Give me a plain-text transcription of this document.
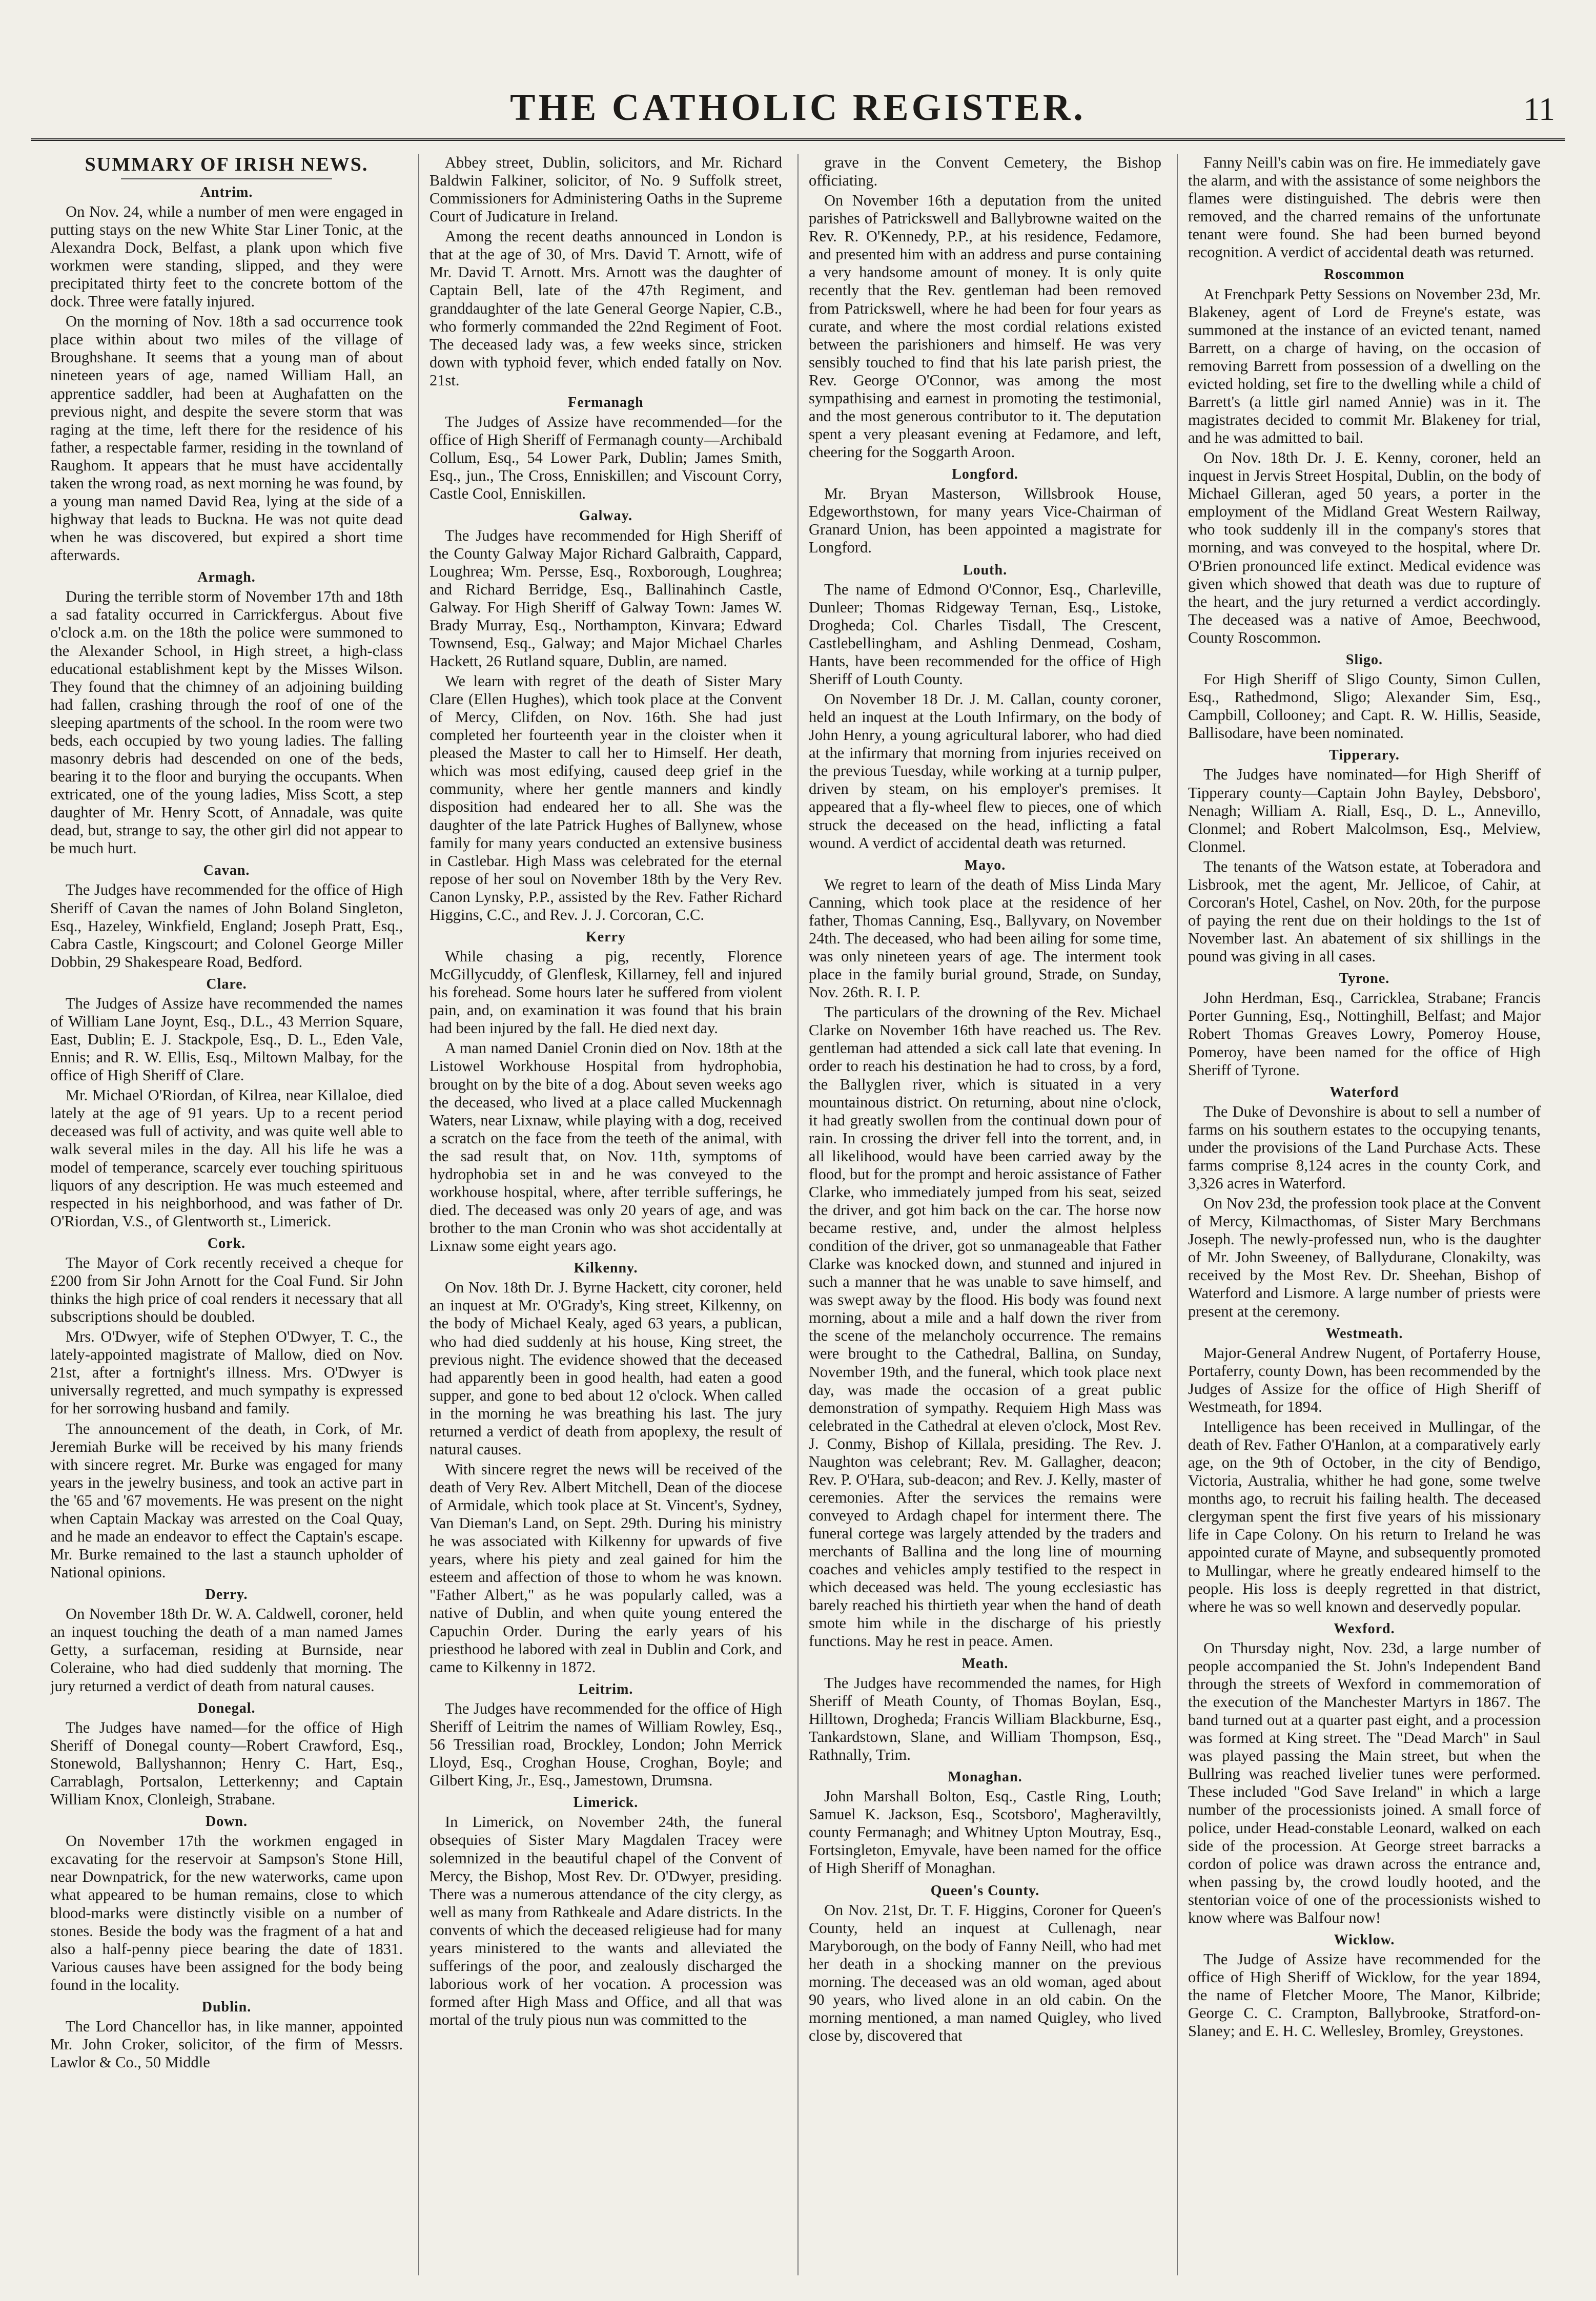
THE CATHOLIC REGISTER.	11
SUMMARY OF IRISH NEWS.
Antrim.

On Nov. 24, while a number of men were engaged in putting stays on the new White Star Liner Tonic, at the Alexandra Dock, Belfast, a plank upon which five workmen were standing, slipped, and they were precipitated thirty feet to the concrete bottom of the dock. Three were fatally injured.

On the morning of Nov. 18th a sad occurrence took place within about two miles of the village of Broughshane. It seems that a young man of about nineteen years of age, named William Hall, an apprentice saddler, had been at Aughafatten on the previous night, and despite the severe storm that was raging at the time, left there for the residence of his father, a respectable farmer, residing in the townland of Raughom. It appears that he must have accidentally taken the wrong road, as next morning he was found, by a young man named David Rea, lying at the side of a highway that leads to Buckna. He was not quite dead when he was discovered, but expired a short time afterwards.

Armagh.

During the terrible storm of November 17th and 18th a sad fatality occurred in Carrickfergus. About five o'clock a.m. on the 18th the police were summoned to the Alexander School, in High street, a high-class educational establishment kept by the Misses Wilson. They found that the chimney of an adjoining building had fallen, crashing through the roof of one of the sleeping apartments of the school. In the room were two beds, each occupied by two young ladies. The falling masonry debris had descended on one of the beds, bearing it to the floor and burying the occupants. When extricated, one of the young ladies, Miss Scott, a step daughter of Mr. Henry Scott, of Annadale, was quite dead, but, strange to say, the other girl did not appear to be much hurt.

Cavan.

The Judges have recommended for the office of High Sheriff of Cavan the names of John Boland Singleton, Esq., Hazeley, Winkfield, England; Joseph Pratt, Esq., Cabra Castle, Kingscourt; and Colonel George Miller Dobbin, 29 Shakespeare Road, Bedford.

Clare.

The Judges of Assize have recommended the names of William Lane Joynt, Esq., D.L., 43 Merrion Square, East, Dublin; E. J. Stackpole, Esq., D. L., Eden Vale, Ennis; and R. W. Ellis, Esq., Miltown Malbay, for the office of High Sheriff of Clare.

Mr. Michael O'Riordan, of Kilrea, near Killaloe, died lately at the age of 91 years. Up to a recent period deceased was full of activity, and was quite well able to walk several miles in the day. All his life he was a model of temperance, scarcely ever touching spirituous liquors of any description. He was much esteemed and respected in his neighborhood, and was father of Dr. O'Riordan, V.S., of Glentworth st., Limerick.

Cork.

The Mayor of Cork recently received a cheque for £200 from Sir John Arnott for the Coal Fund. Sir John thinks the high price of coal renders it necessary that all subscriptions should be doubled.

Mrs. O'Dwyer, wife of Stephen O'Dwyer, T. C., the lately-appointed magistrate of Mallow, died on Nov. 21st, after a fortnight's illness. Mrs. O'Dwyer is universally regretted, and much sympathy is expressed for her sorrowing husband and family.

The announcement of the death, in Cork, of Mr. Jeremiah Burke will be received by his many friends with sincere regret. Mr. Burke was engaged for many years in the jewelry business, and took an active part in the '65 and '67 movements. He was present on the night when Captain Mackay was arrested on the Coal Quay, and he made an endeavor to effect the Captain's escape. Mr. Burke remained to the last a staunch upholder of National opinions.

Derry.

On November 18th Dr. W. A. Caldwell, coroner, held an inquest touching the death of a man named James Getty, a surfaceman, residing at Burnside, near Coleraine, who had died suddenly that morning. The jury returned a verdict of death from natural causes.

Donegal.

The Judges have named—for the office of High Sheriff of Donegal county—Robert Crawford, Esq., Stonewold, Ballyshannon; Henry C. Hart, Esq., Carrablagh, Portsalon, Letterkenny; and Captain William Knox, Clonleigh, Strabane.

Down.

On November 17th the workmen engaged in excavating for the reservoir at Sampson's Stone Hill, near Downpatrick, for the new waterworks, came upon what appeared to be human remains, close to which blood-marks were distinctly visible on a number of stones. Beside the body was the fragment of a hat and also a half-penny piece bearing the date of 1831. Various causes have been assigned for the body being found in the locality.

Dublin.

The Lord Chancellor has, in like manner, appointed Mr. John Croker, solicitor, of the firm of Messrs. Lawlor & Co., 50 Middle

Abbey street, Dublin, solicitors, and Mr. Richard Baldwin Falkiner, solicitor, of No. 9 Suffolk street, Commissioners for Administering Oaths in the Supreme Court of Judicature in Ireland.

Among the recent deaths announced in London is that at the age of 30, of Mrs. David T. Arnott, wife of Mr. David T. Arnott. Mrs. Arnott was the daughter of Captain Bell, late of the 47th Regiment, and granddaughter of the late General George Napier, C.B., who formerly commanded the 22nd Regiment of Foot. The deceased lady was, a few weeks since, stricken down with typhoid fever, which ended fatally on Nov. 21st.

Fermanagh

The Judges of Assize have recommended—for the office of High Sheriff of Fermanagh county—Archibald Collum, Esq., 54 Lower Park, Dublin; James Smith, Esq., jun., The Cross, Enniskillen; and Viscount Corry, Castle Cool, Enniskillen.

Galway.

The Judges have recommended for High Sheriff of the County Galway Major Richard Galbraith, Cappard, Loughrea; Wm. Persse, Esq., Roxborough, Loughrea; and Richard Berridge, Esq., Ballinahinch Castle, Galway. For High Sheriff of Galway Town: James W. Brady Murray, Esq., Northampton, Kinvara; Edward Townsend, Esq., Galway; and Major Michael Charles Hackett, 26 Rutland square, Dublin, are named.

We learn with regret of the death of Sister Mary Clare (Ellen Hughes), which took place at the Convent of Mercy, Clifden, on Nov. 16th. She had just completed her fourteenth year in the cloister when it pleased the Master to call her to Himself. Her death, which was most edifying, caused deep grief in the community, where her gentle manners and kindly disposition had endeared her to all. She was the daughter of the late Patrick Hughes of Ballynew, whose family for many years conducted an extensive business in Castlebar. High Mass was celebrated for the eternal repose of her soul on November 18th by the Very Rev. Canon Lynsky, P.P., assisted by the Rev. Father Richard Higgins, C.C., and Rev. J. J. Corcoran, C.C.

Kerry

While chasing a pig, recently, Florence McGillycuddy, of Glenflesk, Killarney, fell and injured his forehead. Some hours later he suffered from violent pain, and, on examination it was found that his brain had been injured by the fall. He died next day.

A man named Daniel Cronin died on Nov. 18th at the Listowel Workhouse Hospital from hydrophobia, brought on by the bite of a dog. About seven weeks ago the deceased, who lived at a place called Muckennagh Waters, near Lixnaw, while playing with a dog, received a scratch on the face from the teeth of the animal, with the sad result that, on Nov. 11th, symptoms of hydrophobia set in and he was conveyed to the workhouse hospital, where, after terrible sufferings, he died. The deceased was only 20 years of age, and was brother to the man Cronin who was shot accidentally at Lixnaw some eight years ago.

Kilkenny.

On Nov. 18th Dr. J. Byrne Hackett, city coroner, held an inquest at Mr. O'Grady's, King street, Kilkenny, on the body of Michael Kealy, aged 63 years, a publican, who had died suddenly at his house, King street, the previous night. The evidence showed that the deceased had apparently been in good health, had eaten a good supper, and gone to bed about 12 o'clock. When called in the morning he was breathing his last. The jury returned a verdict of death from apoplexy, the result of natural causes.

With sincere regret the news will be received of the death of Very Rev. Albert Mitchell, Dean of the diocese of Armidale, which took place at St. Vincent's, Sydney, Van Dieman's Land, on Sept. 29th. During his ministry he was associated with Kilkenny for upwards of five years, where his piety and zeal gained for him the esteem and affection of those to whom he was known. "Father Albert," as he was popularly called, was a native of Dublin, and when quite young entered the Capuchin Order. During the early years of his priesthood he labored with zeal in Dublin and Cork, and came to Kilkenny in 1872.

Leitrim.

The Judges have recommended for the office of High Sheriff of Leitrim the names of William Rowley, Esq., 56 Tressilian road, Brockley, London; John Merrick Lloyd, Esq., Croghan House, Croghan, Boyle; and Gilbert King, Jr., Esq., Jamestown, Drumsna.

Limerick.

In Limerick, on November 24th, the funeral obsequies of Sister Mary Magdalen Tracey were solemnized in the beautiful chapel of the Convent of Mercy, the Bishop, Most Rev. Dr. O'Dwyer, presiding. There was a numerous attendance of the city clergy, as well as many from Rathkeale and Adare districts. In the convents of which the deceased religieuse had for many years ministered to the wants and alleviated the sufferings of the poor, and zealously discharged the laborious work of her vocation. A procession was formed after High Mass and Office, and all that was mortal of the truly pious nun was committed to the

grave in the Convent Cemetery, the Bishop officiating.

On November 16th a deputation from the united parishes of Patrickswell and Ballybrowne waited on the Rev. R. O'Kennedy, P.P., at his residence, Fedamore, and presented him with an address and purse containing a very handsome amount of money. It is only quite recently that the Rev. gentleman had been removed from Patrickswell, where he had been for four years as curate, and where the most cordial relations existed between the parishioners and himself. He was very sensibly touched to find that his late parish priest, the Rev. George O'Connor, was among the most sympathising and earnest in promoting the testimonial, and the most generous contributor to it. The deputation spent a very pleasant evening at Fedamore, and left, cheering for the Soggarth Aroon.

Longford.

Mr. Bryan Masterson, Willsbrook House, Edgeworthstown, for many years Vice-Chairman of Granard Union, has been appointed a magistrate for Longford.

Louth.

The name of Edmond O'Connor, Esq., Charleville, Dunleer; Thomas Ridgeway Ternan, Esq., Listoke, Drogheda; Col. Charles Tisdall, The Crescent, Castlebellingham, and Ashling Denmead, Cosham, Hants, have been recommended for the office of High Sheriff of Louth County.

On November 18 Dr. J. M. Callan, county coroner, held an inquest at the Louth Infirmary, on the body of John Henry, a young agricultural laborer, who had died at the infirmary that morning from injuries received on the previous Tuesday, while working at a turnip pulper, driven by steam, on his employer's premises. It appeared that a fly-wheel flew to pieces, one of which struck the deceased on the head, inflicting a fatal wound. A verdict of accidental death was returned.

Mayo.

We regret to learn of the death of Miss Linda Mary Canning, which took place at the residence of her father, Thomas Canning, Esq., Ballyvary, on November 24th. The deceased, who had been ailing for some time, was only nineteen years of age. The interment took place in the family burial ground, Strade, on Sunday, Nov. 26th. R. I. P.

The particulars of the drowning of the Rev. Michael Clarke on November 16th have reached us. The Rev. gentleman had attended a sick call late that evening. In order to reach his destination he had to cross, by a ford, the Ballyglen river, which is situated in a very mountainous district. On returning, about nine o'clock, it had greatly swollen from the continual down pour of rain. In crossing the driver fell into the torrent, and, in all likelihood, would have been carried away by the flood, but for the prompt and heroic assistance of Father Clarke, who immediately jumped from his seat, seized the driver, and got him back on the car. The horse now became restive, and, under the almost helpless condition of the driver, got so unmanageable that Father Clarke was knocked down, and stunned and injured in such a manner that he was unable to save himself, and was swept away by the flood. His body was found next morning, about a mile and a half down the river from the scene of the melancholy occurrence. The remains were brought to the Cathedral, Ballina, on Sunday, November 19th, and the funeral, which took place next day, was made the occasion of a great public demonstration of sympathy. Requiem High Mass was celebrated in the Cathedral at eleven o'clock, Most Rev. J. Conmy, Bishop of Killala, presiding. The Rev. J. Naughton was celebrant; Rev. M. Gallagher, deacon; Rev. P. O'Hara, sub-deacon; and Rev. J. Kelly, master of ceremonies. After the services the remains were conveyed to Ardagh chapel for interment there. The funeral cortege was largely attended by the traders and merchants of Ballina and the long line of mourning coaches and vehicles amply testified to the respect in which deceased was held. The young ecclesiastic has barely reached his thirtieth year when the hand of death smote him while in the discharge of his priestly functions. May he rest in peace. Amen.

Meath.

The Judges have recommended the names, for High Sheriff of Meath County, of Thomas Boylan, Esq., Hilltown, Drogheda; Francis William Blackburne, Esq., Tankardstown, Slane, and William Thompson, Esq., Rathnally, Trim.

Monaghan.

John Marshall Bolton, Esq., Castle Ring, Louth; Samuel K. Jackson, Esq., Scotsboro', Magheraviltly, county Fermanagh; and Whitney Upton Moutray, Esq., Fortsingleton, Emyvale, have been named for the office of High Sheriff of Monaghan.

Queen's County.

On Nov. 21st, Dr. T. F. Higgins, Coroner for Queen's County, held an inquest at Cullenagh, near Maryborough, on the body of Fanny Neill, who had met her death in a shocking manner on the previous morning. The deceased was an old woman, aged about 90 years, who lived alone in an old cabin. On the morning mentioned, a man named Quigley, who lived close by, discovered that

Fanny Neill's cabin was on fire. He immediately gave the alarm, and with the assistance of some neighbors the flames were distinguished. The debris were then removed, and the charred remains of the unfortunate tenant were found. She had been burned beyond recognition. A verdict of accidental death was returned.

Roscommon

At Frenchpark Petty Sessions on November 23d, Mr. Blakeney, agent of Lord de Freyne's estate, was summoned at the instance of an evicted tenant, named Barrett, on a charge of having, on the occasion of removing Barrett from possession of a dwelling on the evicted holding, set fire to the dwelling while a child of Barrett's (a little girl named Annie) was in it. The magistrates decided to commit Mr. Blakeney for trial, and he was admitted to bail.

On Nov. 18th Dr. J. E. Kenny, coroner, held an inquest in Jervis Street Hospital, Dublin, on the body of Michael Gilleran, aged 50 years, a porter in the employment of the Midland Great Western Railway, who took suddenly ill in the company's stores that morning, and was conveyed to the hospital, where Dr. O'Brien pronounced life extinct. Medical evidence was given which showed that death was due to rupture of the heart, and the jury returned a verdict accordingly. The deceased was a native of Amoe, Beechwood, County Roscommon.

Sligo.

For High Sheriff of Sligo County, Simon Cullen, Esq., Rathedmond, Sligo; Alexander Sim, Esq., Campbill, Collooney; and Capt. R. W. Hillis, Seaside, Ballisodare, have been nominated.

Tipperary.

The Judges have nominated—for High Sheriff of Tipperary county—Captain John Bayley, Debsboro', Nenagh; William A. Riall, Esq., D. L., Annevillo, Clonmel; and Robert Malcolmson, Esq., Melview, Clonmel.

The tenants of the Watson estate, at Toberadora and Lisbrook, met the agent, Mr. Jellicoe, of Cahir, at Corcoran's Hotel, Cashel, on Nov. 20th, for the purpose of paying the rent due on their holdings to the 1st of November last. An abatement of six shillings in the pound was giving in all cases.

Tyrone.

John Herdman, Esq., Carricklea, Strabane; Francis Porter Gunning, Esq., Nottinghill, Belfast; and Major Robert Thomas Greaves Lowry, Pomeroy House, Pomeroy, have been named for the office of High Sheriff of Tyrone.

Waterford

The Duke of Devonshire is about to sell a number of farms on his southern estates to the occupying tenants, under the provisions of the Land Purchase Acts. These farms comprise 8,124 acres in the county Cork, and 3,326 acres in Waterford.

On Nov 23d, the profession took place at the Convent of Mercy, Kilmacthomas, of Sister Mary Berchmans Joseph. The newly-professed nun, who is the daughter of Mr. John Sweeney, of Ballydurane, Clonakilty, was received by the Most Rev. Dr. Sheehan, Bishop of Waterford and Lismore. A large number of priests were present at the ceremony.

Westmeath.

Major-General Andrew Nugent, of Portaferry House, Portaferry, county Down, has been recommended by the Judges of Assize for the office of High Sheriff of Westmeath, for 1894.

Intelligence has been received in Mullingar, of the death of Rev. Father O'Hanlon, at a comparatively early age, on the 9th of October, in the city of Bendigo, Victoria, Australia, whither he had gone, some twelve months ago, to recruit his failing health. The deceased clergyman spent the first five years of his missionary life in Cape Colony. On his return to Ireland he was appointed curate of Mayne, and subsequently promoted to Mullingar, where he greatly endeared himself to the people. His loss is deeply regretted in that district, where he was so well known and deservedly popular.

Wexford.

On Thursday night, Nov. 23d, a large number of people accompanied the St. John's Independent Band through the streets of Wexford in commemoration of the execution of the Manchester Martyrs in 1867. The band turned out at a quarter past eight, and a procession was formed at King street. The "Dead March" in Saul was played passing the Main street, but when the Bullring was reached livelier tunes were performed. These included "God Save Ireland" in which a large number of the processionists joined. A small force of police, under Head-constable Leonard, walked on each side of the procession. At George street barracks a cordon of police was drawn across the entrance and, when passing by, the crowd loudly hooted, and the stentorian voice of one of the processionists wished to know where was Balfour now!

Wicklow.

The Judge of Assize have recommended for the office of High Sheriff of Wicklow, for the year 1894, the name of Fletcher Moore, The Manor, Kilbride; George C. C. Crampton, Ballybrooke, Stratford-on-Slaney; and E. H. C. Wellesley, Bromley, Greystones.
